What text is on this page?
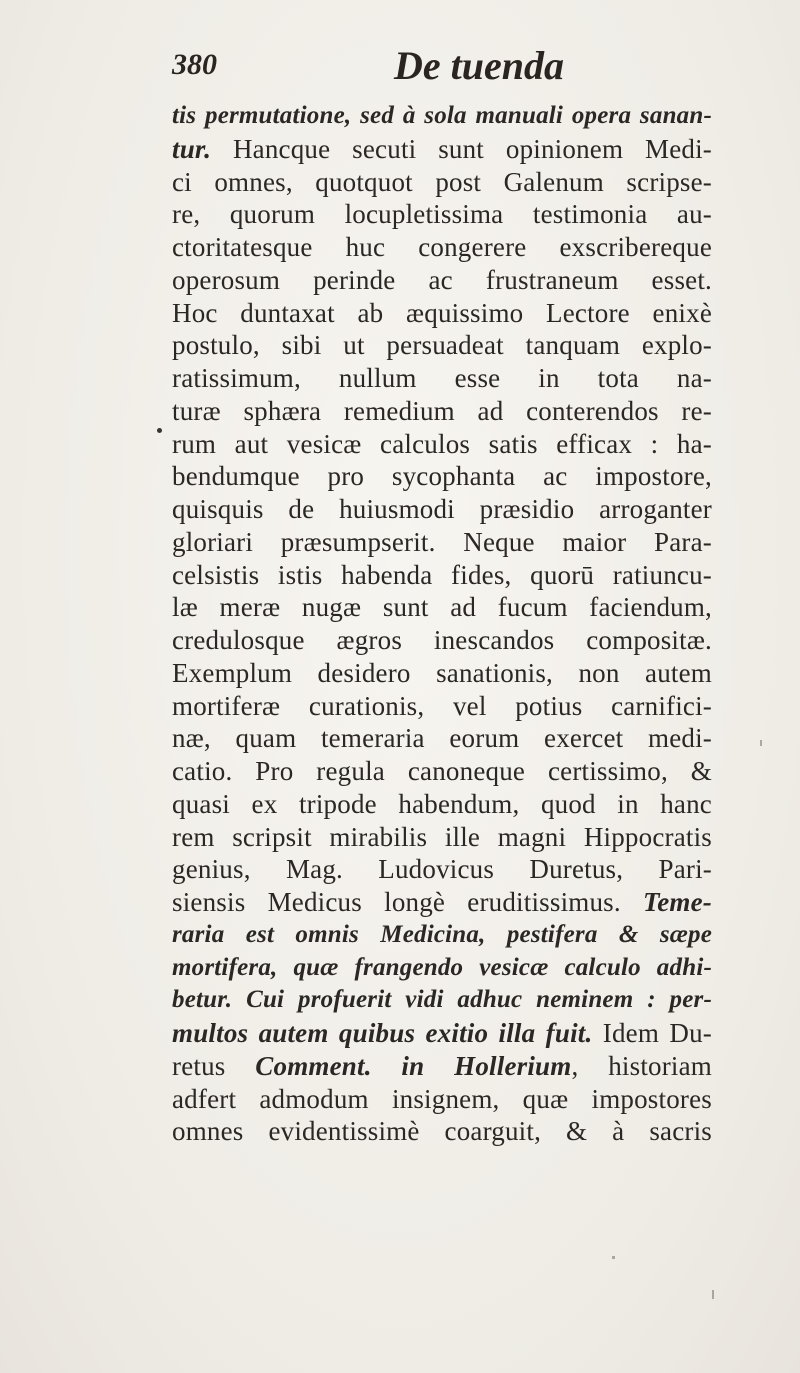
380	De tuenda
tis permutatione, sed à sola manuali opera sanan-
tur. Hancque secuti sunt opinionem Medi-
ci omnes, quotquot post Galenum scripse-
re, quorum locupletissima testimonia au-
ctoritatesque huc congerere exscribereque
operosum perinde ac frustraneum esset.
Hoc duntaxat ab æquissimo Lectore enixè
postulo, sibi ut persuadeat tanquam explo-
ratissimum, nullum esse in tota na-
turæ sphæra remedium ad conterendos re-
rum aut vesicæ calculos satis efficax : ha-
bendumque pro sycophanta ac impostore,
quisquis de huiusmodi præsidio arroganter
gloriari præsumpserit. Neque maior Para-
celsistis istis habenda fides, quorū ratiuncu-
læ meræ nugæ sunt ad fucum faciendum,
credulosque ægros inescandos compositæ.
Exemplum desidero sanationis, non autem
mortiferæ curationis, vel potius carnifici-
næ, quam temeraria eorum exercet medi-
catio. Pro regula canoneque certissimo, &
quasi ex tripode habendum, quod in hanc
rem scripsit mirabilis ille magni Hippocratis
genius, Mag. Ludovicus Duretus, Pari-
siensis Medicus longè eruditissimus. Teme-
raria est omnis Medicina, pestifera & sæpe
mortifera, quæ frangendo vesicæ calculo adhi-
betur. Cui profuerit vidi adhuc neminem : per-
multos autem quibus exitio illa fuit. Idem Du-
retus Comment. in Hollerium, historiam
adfert admodum insignem, quæ impostores
omnes evidentissimè coarguit, & à sacris
